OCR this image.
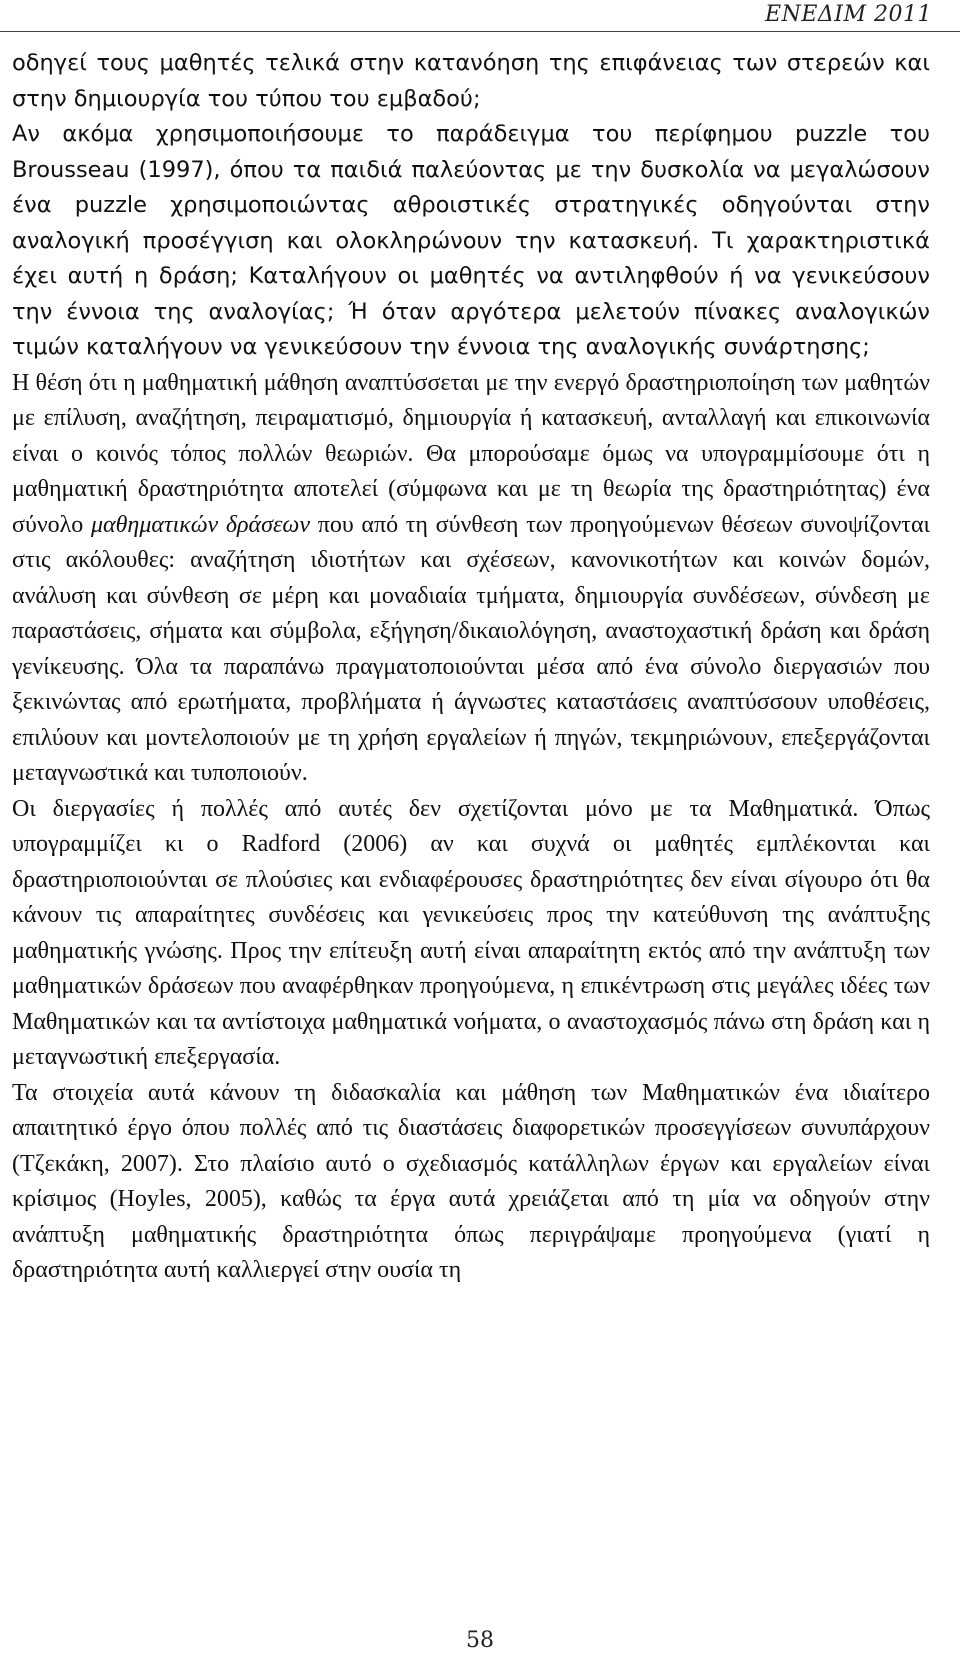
ΕΝΕΔΙΜ 2011

οδηγεί τους μαθητές τελικά στην κατανόηση της επιφάνειας των στερεών και στην δημιουργία του τύπου του εμβαδού;

Αν ακόμα χρησιμοποιήσουμε το παράδειγμα του περίφημου puzzle του Brousseau (1997), όπου τα παιδιά παλεύοντας με την δυσκολία να μεγαλώσουν ένα puzzle χρησιμοποιώντας αθροιστικές στρατηγικές οδηγούνται στην αναλογική προσέγγιση και ολοκληρώνουν την κατασκευή. Τι χαρακτηριστικά έχει αυτή η δράση; Καταλήγουν οι μαθητές να αντιληφθούν ή να γενικεύσουν την έννοια της αναλογίας; Ή όταν αργότερα μελετούν πίνακες αναλογικών τιμών καταλήγουν να γενικεύσουν την έννοια της αναλογικής συνάρτησης;

Η θέση ότι η μαθηματική μάθηση αναπτύσσεται με την ενεργό δραστηριοποίηση των μαθητών με επίλυση, αναζήτηση, πειραματισμό, δημιουργία ή κατασκευή, ανταλλαγή και επικοινωνία είναι ο κοινός τόπος πολλών θεωριών. Θα μπορούσαμε όμως να υπογραμμίσουμε ότι η μαθηματική δραστηριότητα αποτελεί (σύμφωνα και με τη θεωρία της δραστηριότητας) ένα σύνολο μαθηματικών δράσεων που από τη σύνθεση των προηγούμενων θέσεων συνοψίζονται στις ακόλουθες: αναζήτηση ιδιοτήτων και σχέσεων, κανονικοτήτων και κοινών δομών, ανάλυση και σύνθεση σε μέρη και μοναδιαία τμήματα, δημιουργία συνδέσεων, σύνδεση με παραστάσεις, σήματα και σύμβολα, εξήγηση/δικαιολόγηση, αναστοχαστική δράση και δράση γενίκευσης. Όλα τα παραπάνω πραγματοποιούνται μέσα από ένα σύνολο διεργασιών που ξεκινώντας από ερωτήματα, προβλήματα ή άγνωστες καταστάσεις αναπτύσσουν υποθέσεις, επιλύουν και μοντελοποιούν με τη χρήση εργαλείων ή πηγών, τεκμηριώνουν, επεξεργάζονται μεταγνωστικά και τυποποιούν.

Οι διεργασίες ή πολλές από αυτές δεν σχετίζονται μόνο με τα Μαθηματικά. Όπως υπογραμμίζει κι ο Radford (2006) αν και συχνά οι μαθητές εμπλέκονται και δραστηριοποιούνται σε πλούσιες και ενδιαφέρουσες δραστηριότητες δεν είναι σίγουρο ότι θα κάνουν τις απαραίτητες συνδέσεις και γενικεύσεις προς την κατεύθυνση της ανάπτυξης μαθηματικής γνώσης. Προς την επίτευξη αυτή είναι απαραίτητη εκτός από την ανάπτυξη των μαθηματικών δράσεων που αναφέρθηκαν προηγούμενα, η επικέντρωση στις μεγάλες ιδέες των Μαθηματικών και τα αντίστοιχα μαθηματικά νοήματα, ο αναστοχασμός πάνω στη δράση και η μεταγνωστική επεξεργασία.

Τα στοιχεία αυτά κάνουν τη διδασκαλία και μάθηση των Μαθηματικών ένα ιδιαίτερο απαιτητικό έργο όπου πολλές από τις διαστάσεις διαφορετικών προσεγγίσεων συνυπάρχουν (Τζεκάκη, 2007). Στο πλαίσιο αυτό ο σχεδιασμός κατάλληλων έργων και εργαλείων είναι κρίσιμος (Hoyles, 2005), καθώς τα έργα αυτά χρειάζεται από τη μία να οδηγούν στην ανάπτυξη μαθηματικής δραστηριότητα όπως περιγράψαμε προηγούμενα (γιατί η δραστηριότητα αυτή καλλιεργεί στην ουσία τη

58
